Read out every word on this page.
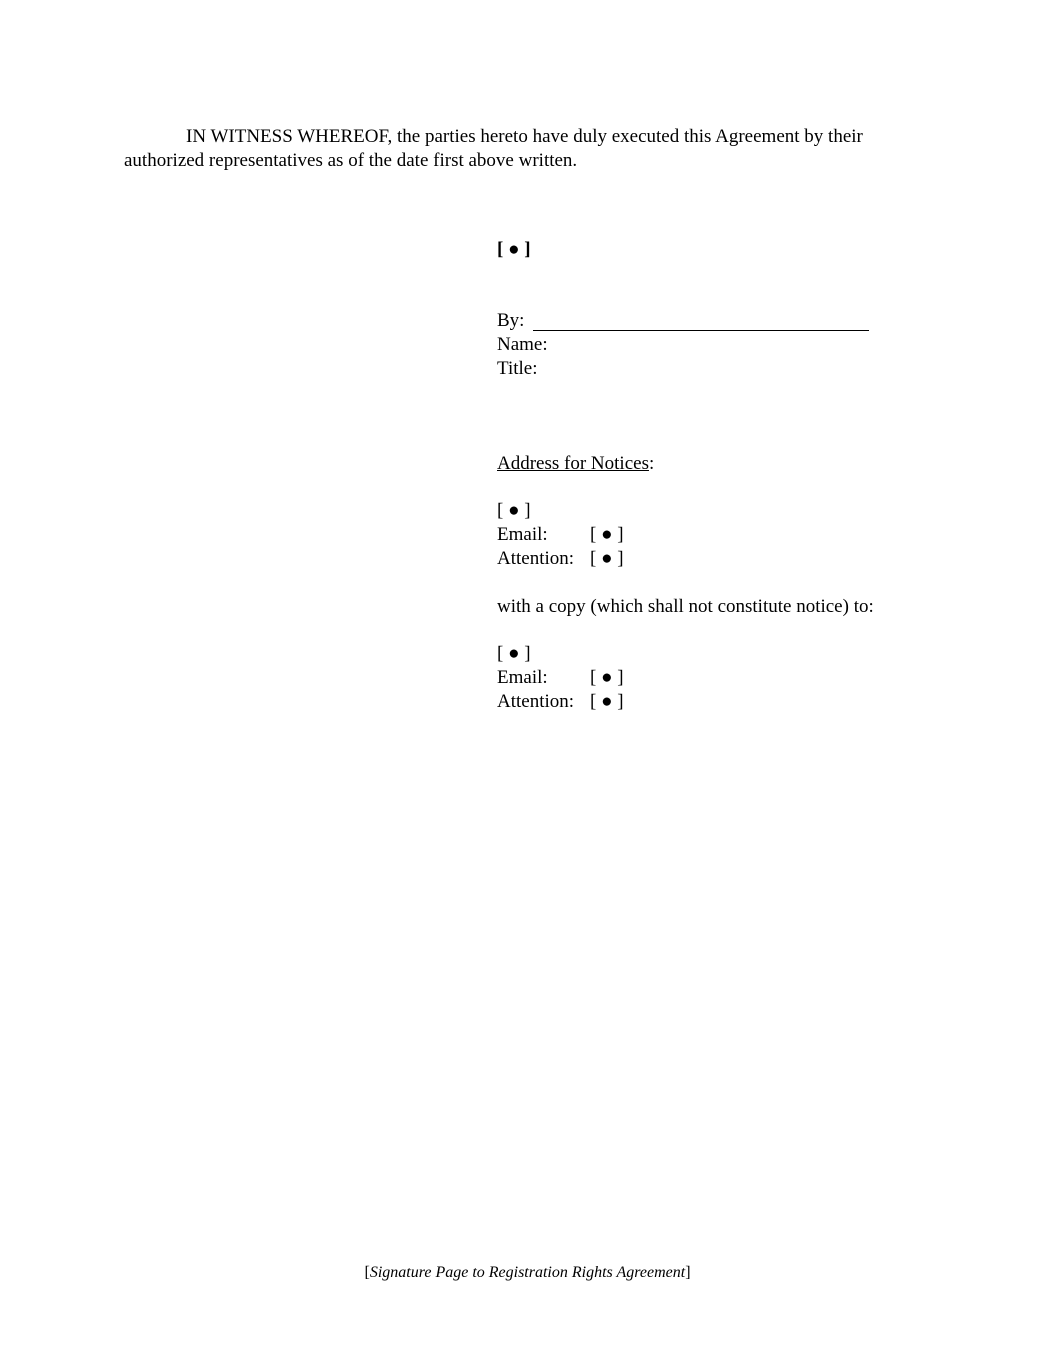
IN WITNESS WHEREOF, the parties hereto have duly executed this Agreement by their
authorized representatives as of the date first above written.
[ ● ]
By:
Name:
Title:
Address for Notices:
[ ● ]
Email: [ ● ]
Attention: [ ● ]
with a copy (which shall not constitute notice) to:
[ ● ]
Email: [ ● ]
Attention: [ ● ]
[Signature Page to Registration Rights Agreement]
